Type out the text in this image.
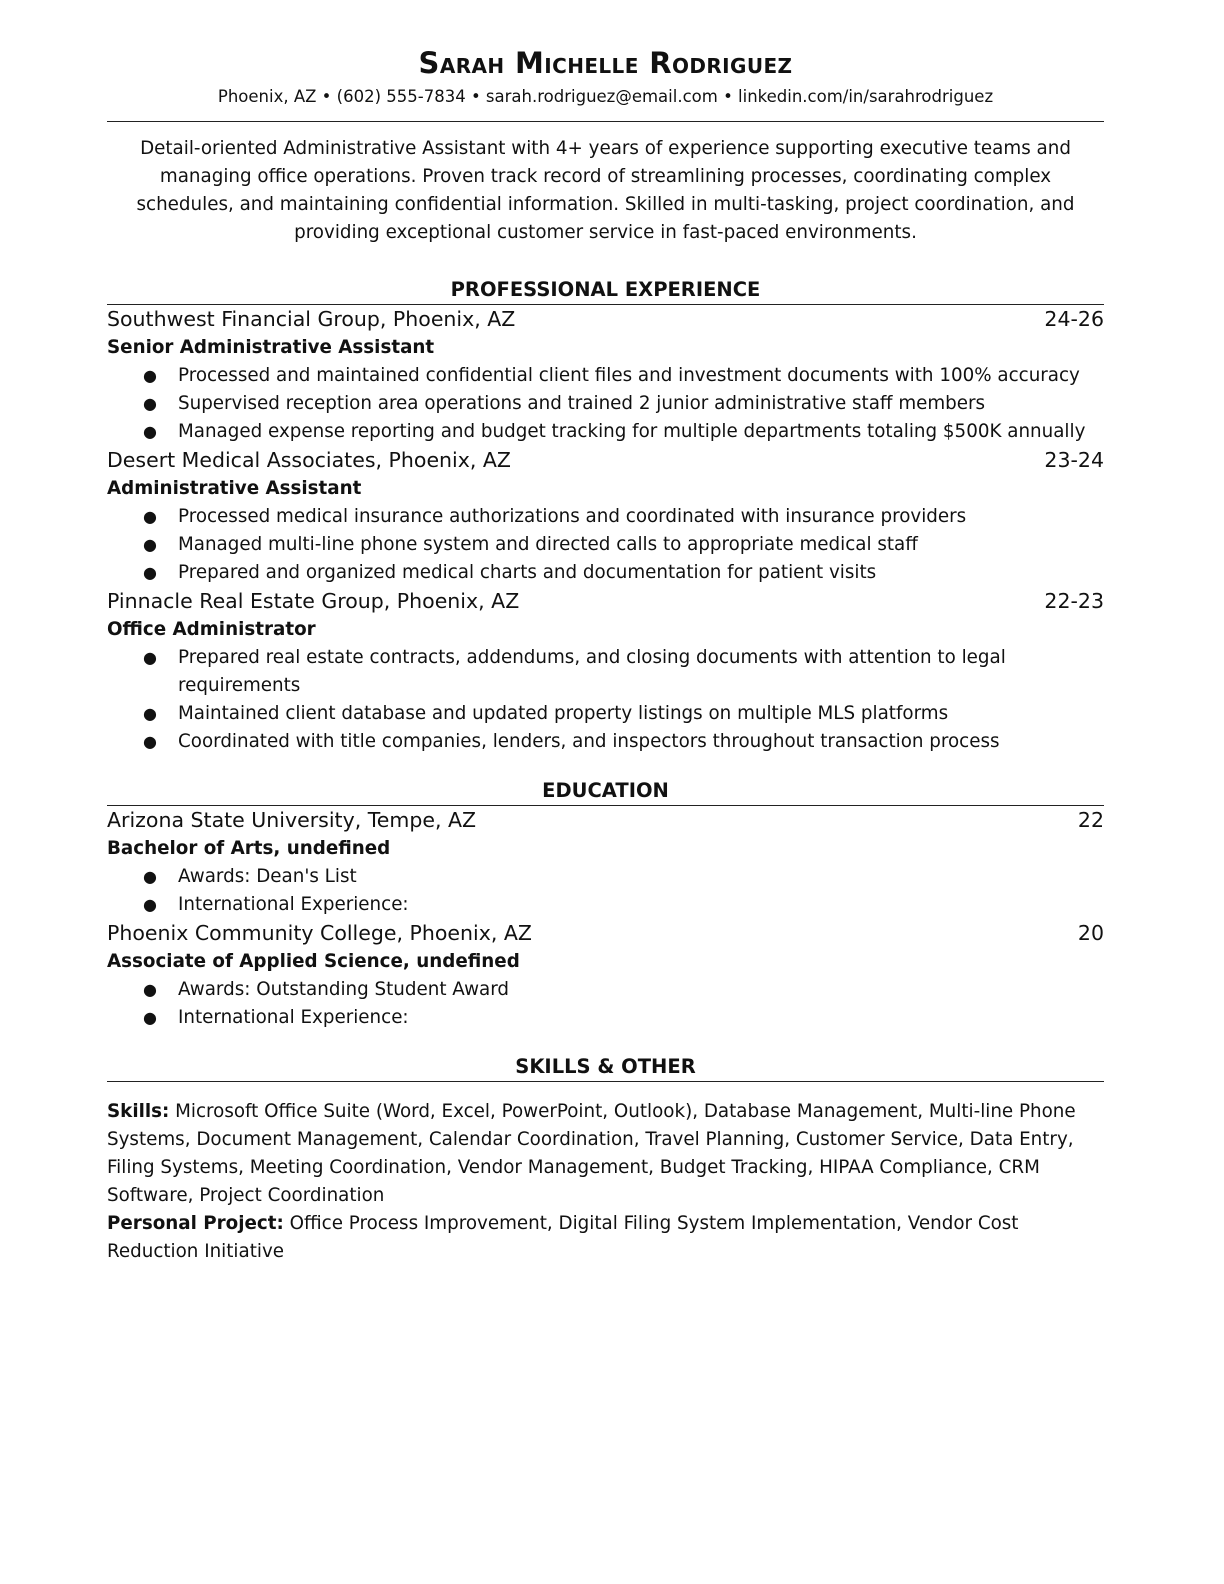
Sarah Michelle Rodriguez
Phoenix, AZ • (602) 555-7834 • sarah.rodriguez@email.com • linkedin.com/in/sarahrodriguez
Detail-oriented Administrative Assistant with 4+ years of experience supporting executive teams and managing office operations. Proven track record of streamlining processes, coordinating complex schedules, and maintaining confidential information. Skilled in multi-tasking, project coordination, and providing exceptional customer service in fast-paced environments.
PROFESSIONAL EXPERIENCE
Southwest Financial Group, Phoenix, AZ	24-26
Senior Administrative Assistant
● Processed and maintained confidential client files and investment documents with 100% accuracy
● Supervised reception area operations and trained 2 junior administrative staff members
● Managed expense reporting and budget tracking for multiple departments totaling $500K annually
Desert Medical Associates, Phoenix, AZ	23-24
Administrative Assistant
● Processed medical insurance authorizations and coordinated with insurance providers
● Managed multi-line phone system and directed calls to appropriate medical staff
● Prepared and organized medical charts and documentation for patient visits
Pinnacle Real Estate Group, Phoenix, AZ	22-23
Office Administrator
● Prepared real estate contracts, addendums, and closing documents with attention to legal requirements
● Maintained client database and updated property listings on multiple MLS platforms
● Coordinated with title companies, lenders, and inspectors throughout transaction process
EDUCATION
Arizona State University, Tempe, AZ	22
Bachelor of Arts, undefined
● Awards: Dean's List
● International Experience:
Phoenix Community College, Phoenix, AZ	20
Associate of Applied Science, undefined
● Awards: Outstanding Student Award
● International Experience:
SKILLS & OTHER
Skills: Microsoft Office Suite (Word, Excel, PowerPoint, Outlook), Database Management, Multi-line Phone Systems, Document Management, Calendar Coordination, Travel Planning, Customer Service, Data Entry, Filing Systems, Meeting Coordination, Vendor Management, Budget Tracking, HIPAA Compliance, CRM Software, Project Coordination
Personal Project: Office Process Improvement, Digital Filing System Implementation, Vendor Cost Reduction Initiative
